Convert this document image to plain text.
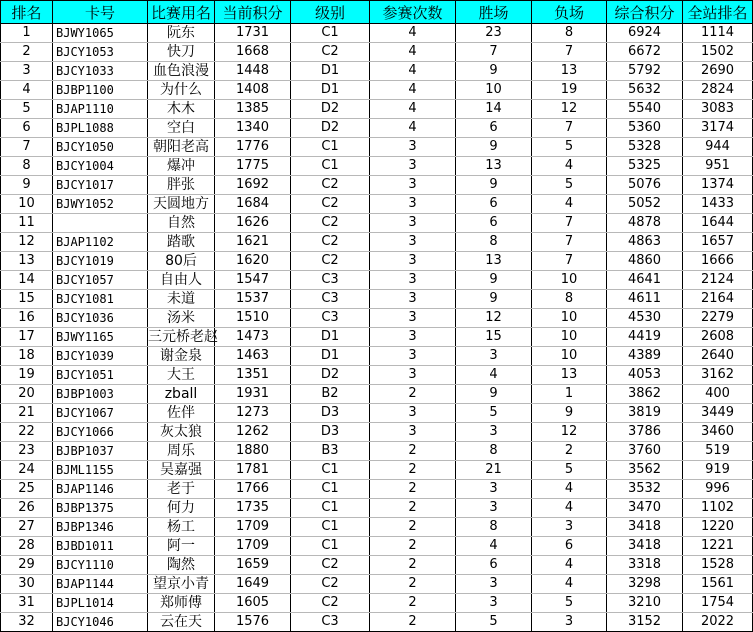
排名	卡号	比赛用名	当前积分	级别	参赛次数	胜场	负场	综合积分	全站排名
1	BJWY1065	阮东	1731	C1	4	23	8	6924	1114
2	BJCY1053	快刀	1668	C2	4	7	7	6672	1502
3	BJCY1033	血色浪漫	1448	D1	4	9	13	5792	2690
4	BJBP1100	为什么	1408	D1	4	10	19	5632	2824
5	BJAP1110	木木	1385	D2	4	14	12	5540	3083
6	BJPL1088	空白	1340	D2	4	6	7	5360	3174
7	BJCY1050	朝阳老高	1776	C1	3	9	5	5328	944
8	BJCY1004	爆冲	1775	C1	3	13	4	5325	951
9	BJCY1017	胖张	1692	C2	3	9	5	5076	1374
10	BJWY1052	天圆地方	1684	C2	3	6	4	5052	1433
11		自然	1626	C2	3	6	7	4878	1644
12	BJAP1102	踏歌	1621	C2	3	8	7	4863	1657
13	BJCY1019	80后	1620	C2	3	13	7	4860	1666
14	BJCY1057	自由人	1547	C3	3	9	10	4641	2124
15	BJCY1081	未道	1537	C3	3	9	8	4611	2164
16	BJCY1036	汤米	1510	C3	3	12	10	4530	2279
17	BJWY1165	三元桥老赵	1473	D1	3	15	10	4419	2608
18	BJCY1039	谢金泉	1463	D1	3	3	10	4389	2640
19	BJCY1051	大王	1351	D2	3	4	13	4053	3162
20	BJBP1003	zball	1931	B2	2	9	1	3862	400
21	BJCY1067	佐伴	1273	D3	3	5	9	3819	3449
22	BJCY1066	灰太狼	1262	D3	3	3	12	3786	3460
23	BJBP1037	周乐	1880	B3	2	8	2	3760	519
24	BJML1155	吴嘉强	1781	C1	2	21	5	3562	919
25	BJAP1146	老于	1766	C1	2	3	4	3532	996
26	BJBP1375	何力	1735	C1	2	3	4	3470	1102
27	BJBP1346	杨工	1709	C1	2	8	3	3418	1220
28	BJBD1011	阿一	1709	C1	2	4	6	3418	1221
29	BJCY1110	陶然	1659	C2	2	6	4	3318	1528
30	BJAP1144	望京小青	1649	C2	2	3	4	3298	1561
31	BJPL1014	郑师傅	1605	C2	2	3	5	3210	1754
32	BJCY1046	云在天	1576	C3	2	5	3	3152	2022
